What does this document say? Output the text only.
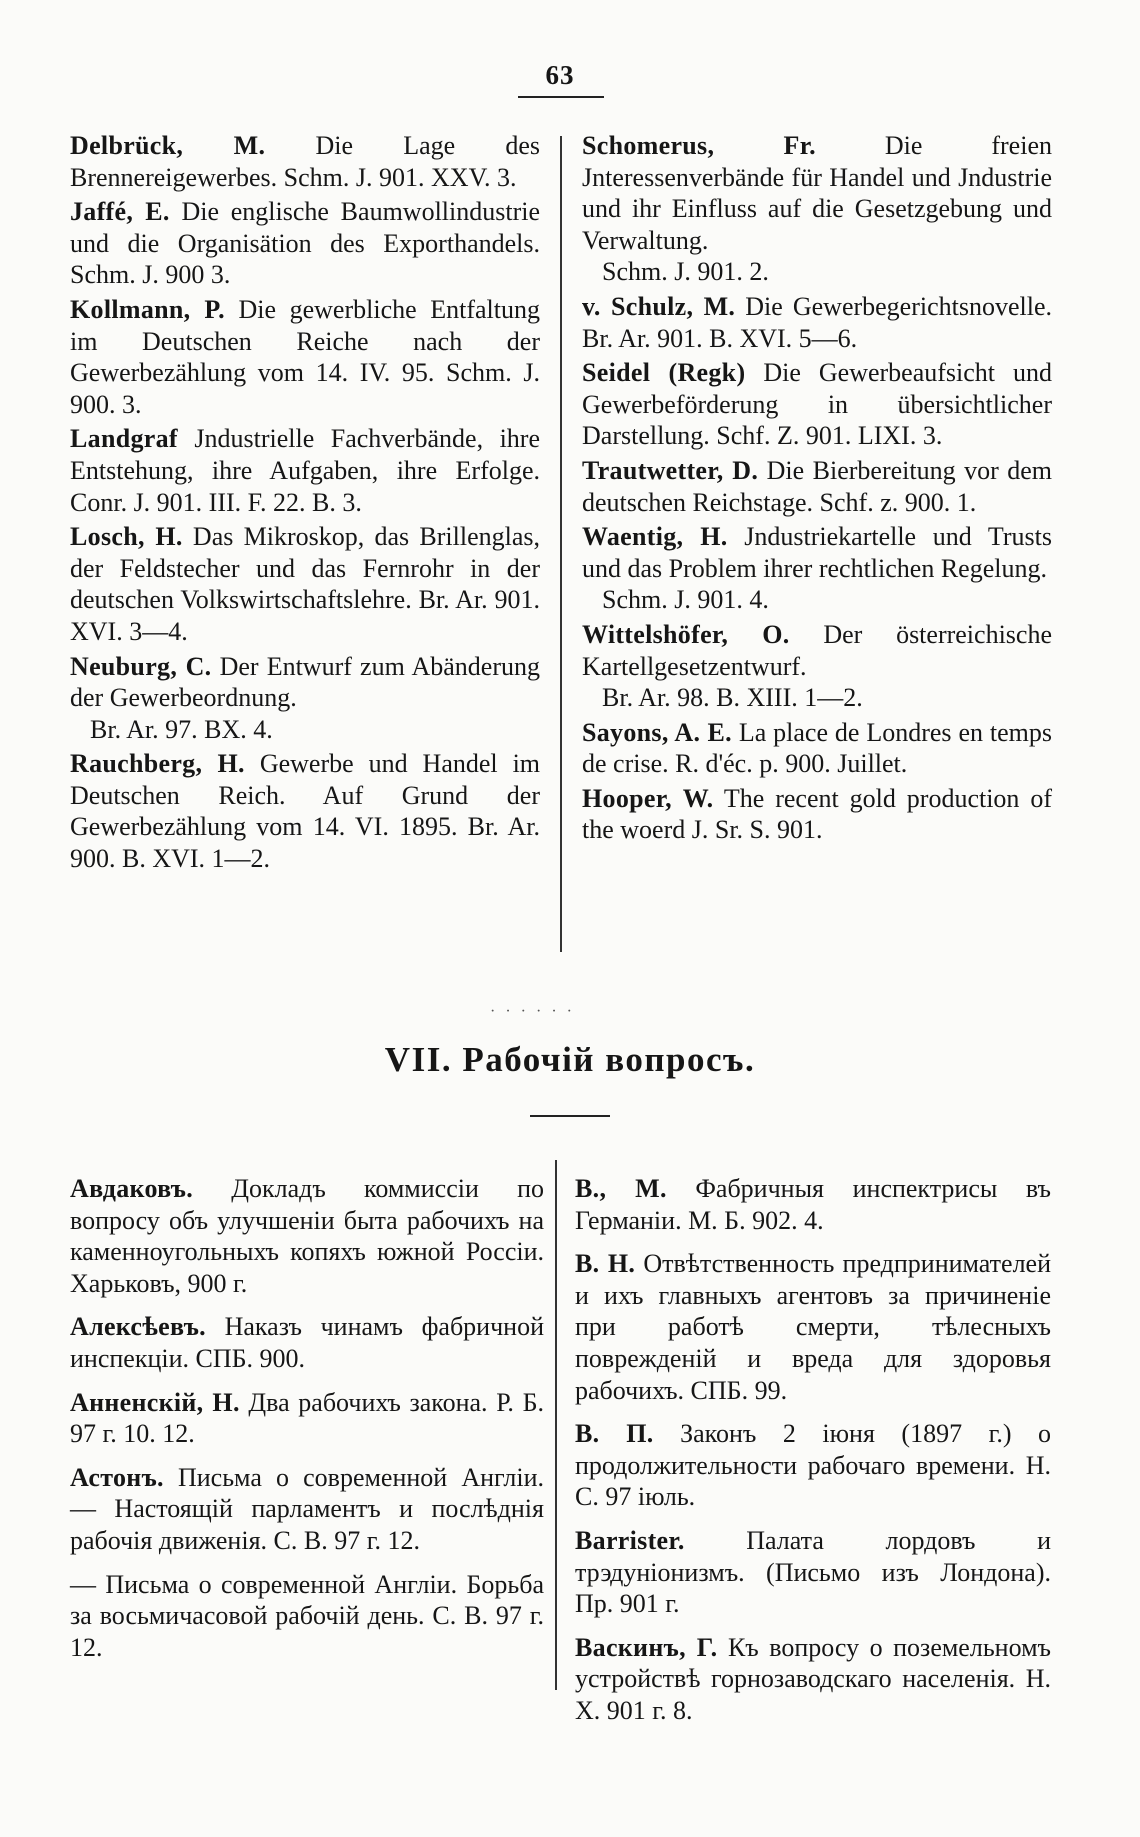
63

Delbrück, M. Die Lage des Brennereigewerbes. Schm. J. 901. XXV. 3.

Jaffé, E. Die englische Baumwollindustrie und die Organisätion des Exporthandels. Schm. J. 900 3.

Kollmann, P. Die gewerbliche Entfaltung im Deutschen Reiche nach der Gewerbezählung vom 14. IV. 95. Schm. J. 900. 3.

Landgraf Jndustrielle Fachverbände, ihre Entstehung, ihre Aufgaben, ihre Erfolge. Conr. J. 901. III. F. 22. B. 3.

Losch, H. Das Mikroskop, das Brillenglas, der Feldstecher und das Fernrohr in der deutschen Volkswirtschaftslehre. Br. Ar. 901. XVI. 3—4.

Neuburg, C. Der Entwurf zum Abänderung der Gewerbeordnung.
Br. Ar. 97. BX. 4.

Rauchberg, H. Gewerbe und Handel im Deutschen Reich. Auf Grund der Gewerbezählung vom 14. VI. 1895. Br. Ar. 900. B. XVI. 1—2.

Schomerus, Fr.	Die freien Jnteressenverbände für Handel und Jndustrie und ihr Einfluss auf die Gesetzgebung und Verwaltung.
Schm. J. 901. 2.

v. Schulz, M. Die Gewerbegerichtsnovelle. Br. Ar. 901. B. XVI. 5—6.

Seidel (Regk) Die Gewerbeaufsicht und Gewerbeförderung in übersichtlicher Darstellung. Schf. Z. 901. LIXI. 3.

Trautwetter, D. Die Bierbereitung vor dem deutschen Reichstage. Schf. z. 900. 1.

Waentig, H. Jndustriekartelle und Trusts und das Problem ihrer rechtlichen Regelung.
Schm. J. 901. 4.

Wittelshöfer, O. Der österreichische Kartellgesetzentwurf.
Br. Ar. 98. B. XIII. 1—2.

Sayons, A. E. La place de Londres en temps de crise. R. d'éc. p. 900. Juillet.

Hooper, W. The recent gold production of the woerd J. Sr. S. 901.

· · · · · ·
VII. Рабочiй вопросъ.

Авдаковъ. Докладъ коммиссiи по вопросу объ улучшенiи быта рабочихъ на каменноугольныхъ копяхъ южной Россiи. Харьковъ, 900 г.

Алексѣевъ. Наказъ чинамъ фабричной инспекцiи. СПБ. 900.

Анненскiй, Н. Два рабочихъ закона. Р. Б. 97 г. 10. 12.

Астонъ. Письма о современной Англiи. — Настоящiй парламентъ и послѣднiя рабочiя движенiя. С. В. 97 г. 12.

— Письма о современной Англiи. Борьба за восьмичасовой рабочiй день. С. В. 97 г. 12.

В., М. Фабричныя инспектрисы въ Германiи. М. Б. 902. 4.

В. Н. Отвѣтственность предпринимателей и ихъ главныхъ агентовъ за причиненiе при работѣ смерти, тѣлесныхъ поврежденiй и вреда для здоровья рабочихъ. СПБ. 99.

В. П. Законъ 2 iюня (1897 г.) о продолжительности рабочаго времени. Н. С. 97 iюль.

Barrister. Палата лордовъ и трэдунiонизмъ. (Письмо изъ Лондона). Пр. 901 г.

Васкинъ, Г. Къ вопросу о поземельномъ устройствѣ горнозаводскаго населенiя. Н. Х. 901 г. 8.
